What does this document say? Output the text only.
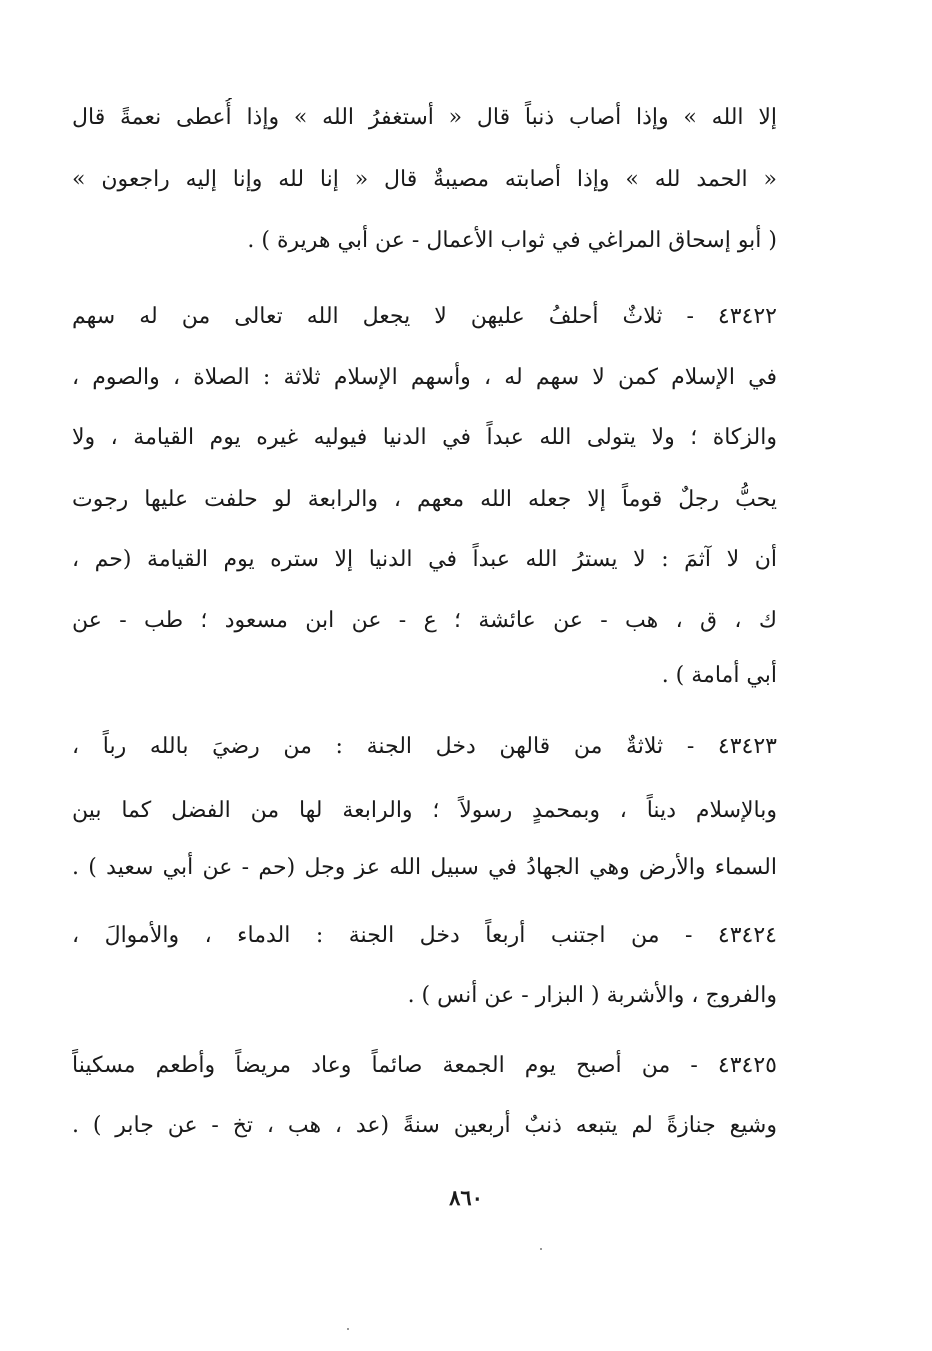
إلا الله » وإذا أصاب ذنباً قال « أستغفرُ الله » وإذا أُعطى نعمةً قال
« الحمد لله » وإذا أصابته مصيبةٌ قال « إنا لله وإنا إليه راجعون »
( أبو إسحاق المراغي في ثواب الأعمال - عن أبي هريرة ) .
٤٣٤٢٢ - ثلاثٌ أحلفُ عليهن لا يجعل الله تعالى من له سهم
في الإسلام كمن لا سهم له ، وأسهم الإسلام ثلاثة : الصلاة ، والصوم ،
والزكاة ؛ ولا يتولى الله عبداً في الدنيا فيوليه غيره يوم القيامة ، ولا
يحبُّ رجلٌ قوماً إلا جعله الله معهم ، والرابعة لو حلفت عليها رجوت
أن لا آثمَ : لا يسترُ الله عبداً في الدنيا إلا ستره يوم القيامة (حم ،
ك ، ق ، هب - عن عائشة ؛ ع - عن ابن مسعود ؛ طب - عن
أبي أمامة ) .
٤٣٤٢٣ - ثلاثةٌ من قالهن دخل الجنة : من رضيَ بالله رباً ،
وبالإسلام ديناً ، وبمحمدٍ رسولاً ؛ والرابعة لها من الفضل كما بين
السماء والأرض وهي الجهادُ في سبيل الله عز وجل (حم - عن أبي سعيد ) .
٤٣٤٢٤ - من اجتنب أربعاً دخل الجنة : الدماء ، والأموالَ ،
والفروج ، والأشربة ( البزار - عن أنس ) .
٤٣٤٢٥ - من أصبح يوم الجمعة صائماً وعاد مريضاً وأطعم مسكيناً
وشيع جنازةً لم يتبعه ذنبٌ أربعين سنةً (عد ، هب ، تخ - عن جابر ) .
٨٦٠
